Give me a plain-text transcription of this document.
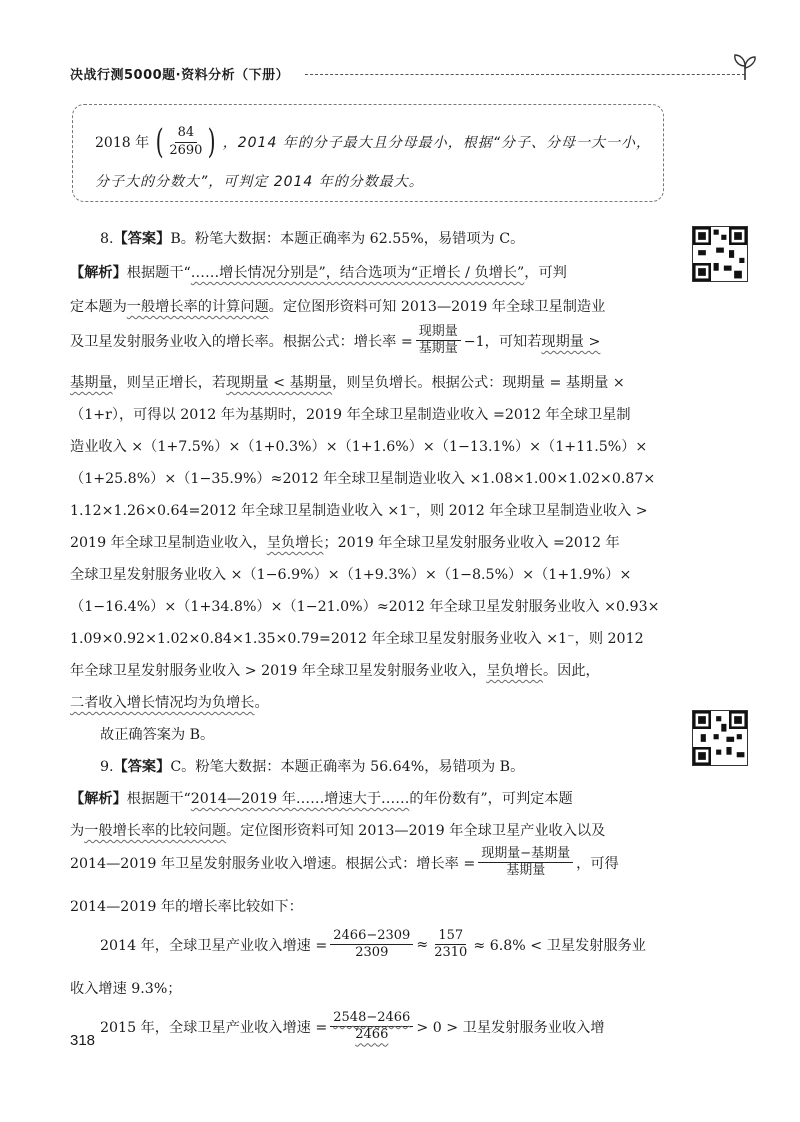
决战行测5000题·资料分析（下册）
2018 年 ( $\frac{84}{2690}$ ) ，2014 年的分子最大且分母最小，根据“分子、分母一大一小，
分子大的分数大”，可判定 2014 年的分数最大。
8.【答案】B。粉笔大数据：本题正确率为 62.55%，易错项为 C。
【解析】根据题干“……增长情况分别是”，结合选项为“正增长 / 负增长”，可判
定本题为一般增长率的计算问题。定位图形资料可知 2013—2019 年全球卫星制造业
及卫星发射服务业收入的增长率。根据公式：增长率 = $\frac{\text{现期量}}{\text{基期量}} -1$，可知若 现期量 >
基期量，则呈正增长，若现期量 < 基期量，则呈负增长。根据公式：现期量 = 基期量 ×
（1+r），可得以 2012 年为基期时，2019 年全球卫星制造业收入 =2012 年全球卫星制
造业收入 ×（1+7.5%）×（1+0.3%）×（1+1.6%）×（1−13.1%）×（1+11.5%）×
（1+25.8%）×（1−35.9%）≈2012 年全球卫星制造业收入 ×1.08×1.00×1.02×0.87×
1.12×1.26×0.64=2012 年全球卫星制造业收入 ×1⁻，则 2012 年全球卫星制造业收入 >
2019 年全球卫星制造业收入，呈负增长；2019 年全球卫星发射服务业收入 =2012 年
全球卫星发射服务业收入 ×（1−6.9%）×（1+9.3%）×（1−8.5%）×（1+1.9%）×
（1−16.4%）×（1+34.8%）×（1−21.0%）≈2012 年全球卫星发射服务业收入 ×0.93×
1.09×0.92×1.02×0.84×1.35×0.79=2012 年全球卫星发射服务业收入 ×1⁻，则 2012
年全球卫星发射服务业收入 > 2019 年全球卫星发射服务业收入，呈负增长。因此，
二者收入增长情况均为负增长。
故正确答案为 B。
9.【答案】C。粉笔大数据：本题正确率为 56.64%，易错项为 B。
【解析】根据题干“2014—2019 年……增速大于……的年份数有”，可判定本题
为一般增长率的比较问题。定位图形资料可知 2013—2019 年全球卫星产业收入以及
2014—2019 年卫星发射服务业收入增速。根据公式：增长率 = $\frac{\text{现期量−基期量}}{\text{基期量}}$ ，可得
2014—2019 年的增长率比较如下：
2014 年，全球卫星产业收入增速 = $\frac{2466-2309}{2309} \approx \frac{157}{2310} \approx 6.8\%$ < 卫星发射服务业
收入增速 9.3%；
2015 年，全球卫星产业收入增速 = $\frac{2548-2466}{2466} > 0$ > 卫星发射服务业收入增
318
